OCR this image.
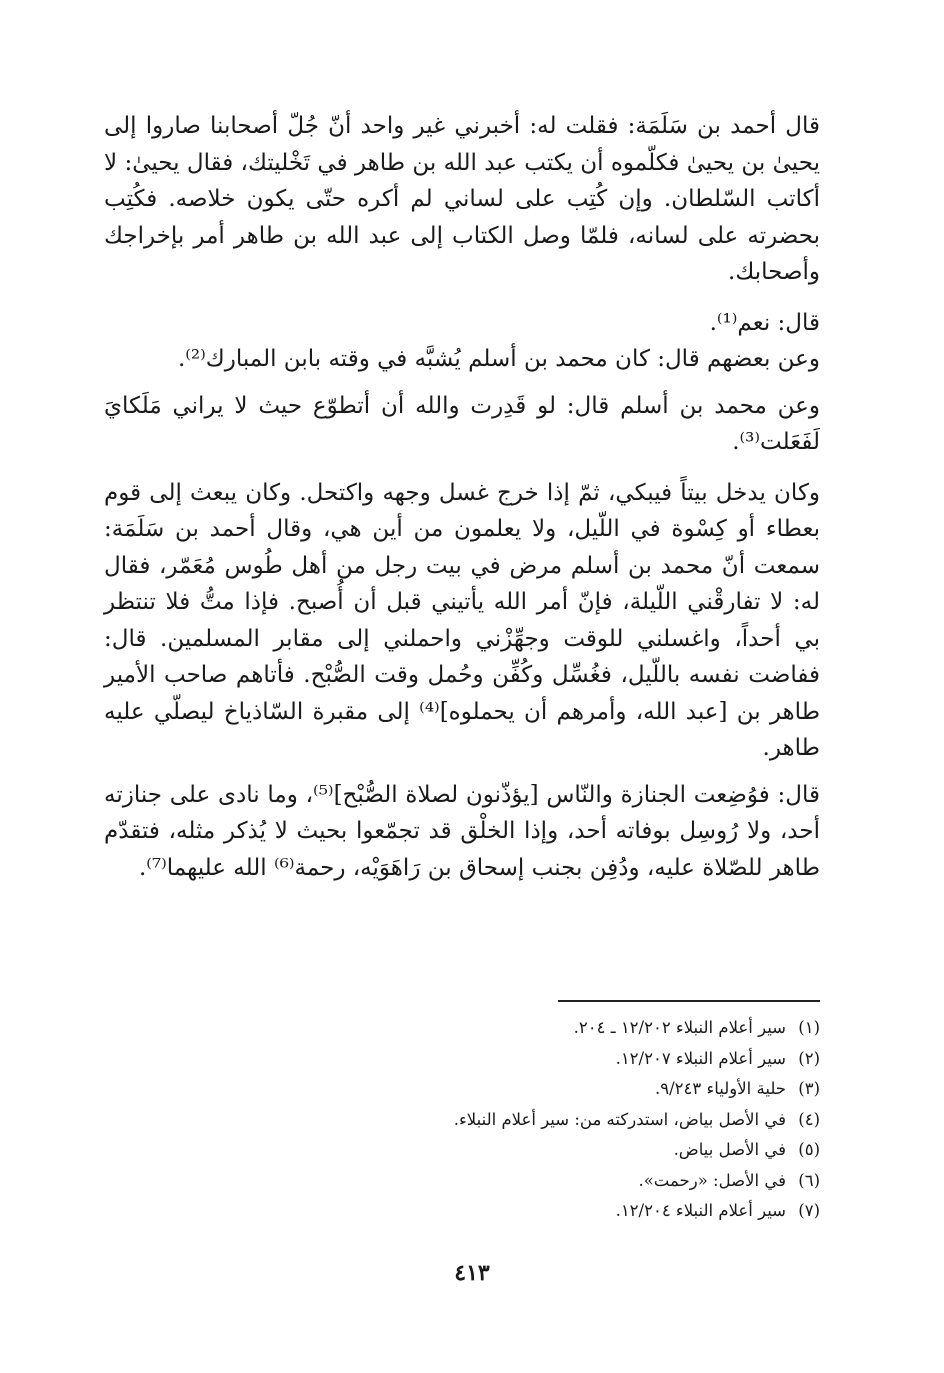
قال أحمد بن سَلَمَة: فقلت له: أخبرني غير واحد أنّ جُلّ أصحابنا صاروا إلى يحيىٰ بن يحيىٰ فكلّموه أن يكتب عبد الله بن طاهر في تَخْليتك، فقال يحيىٰ: لا أكاتب السّلطان. وإن كُتِب على لساني لم أكره حتّى يكون خلاصه. فكُتِب بحضرته على لسانه، فلمّا وصل الكتاب إلى عبد الله بن طاهر أمر بإخراجك وأصحابك.

قال: نعم⁽¹⁾.

وعن بعضهم قال: كان محمد بن أسلم يُشبَّه في وقته بابن المبارك⁽²⁾.

وعن محمد بن أسلم قال: لو قَدِرت والله أن أتطوّع حيث لا يراني مَلَكايَ لَفَعَلت⁽³⁾.

وكان يدخل بيتاً فيبكي، ثمّ إذا خرج غسل وجهه واكتحل. وكان يبعث إلى قوم بعطاء أو كِسْوة في اللّيل، ولا يعلمون من أين هي، وقال أحمد بن سَلَمَة: سمعت أنّ محمد بن أسلم مرض في بيت رجل من أهل طُوس مُعَمّر، فقال له: لا تفارقْني اللّيلة، فإنّ أمر الله يأتيني قبل أن أُصبح. فإذا متُّ فلا تنتظر بي أحداً، واغسلني للوقت وجهِّزْني واحملني إلى مقابر المسلمين. قال: ففاضت نفسه باللّيل، فغُسِّل وكُفِّن وحُمل وقت الصُّبْح. فأتاهم صاحب الأمير طاهر بن [عبد الله، وأمرهم أن يحملوه]⁽⁴⁾ إلى مقبرة السّاذياخ ليصلّي عليه طاهر.

قال: فوُضِعت الجنازة والنّاس [يؤذّنون لصلاة الصُّبْح]⁽⁵⁾، وما نادى على جنازته أحد، ولا رُوسِل بوفاته أحد، وإذا الخلْق قد تجمّعوا بحيث لا يُذكر مثله، فتقدّم طاهر للصّلاة عليه، ودُفِن بجنب إسحاق بن رَاهَوَيْه، رحمة⁽⁶⁾ الله عليهما⁽⁷⁾.

(١)
سير أعلام النبلاء ١٢/٢٠٢ ـ ٢٠٤.
(٢)
سير أعلام النبلاء ١٢/٢٠٧.
(٣)
حلية الأولياء ٩/٢٤٣.
(٤)
في الأصل بياض، استدركته من: سير أعلام النبلاء.
(٥)
في الأصل بياض.
(٦)
في الأصل: «رحمت».
(٧)
سير أعلام النبلاء ١٢/٢٠٤.
٤١٣
